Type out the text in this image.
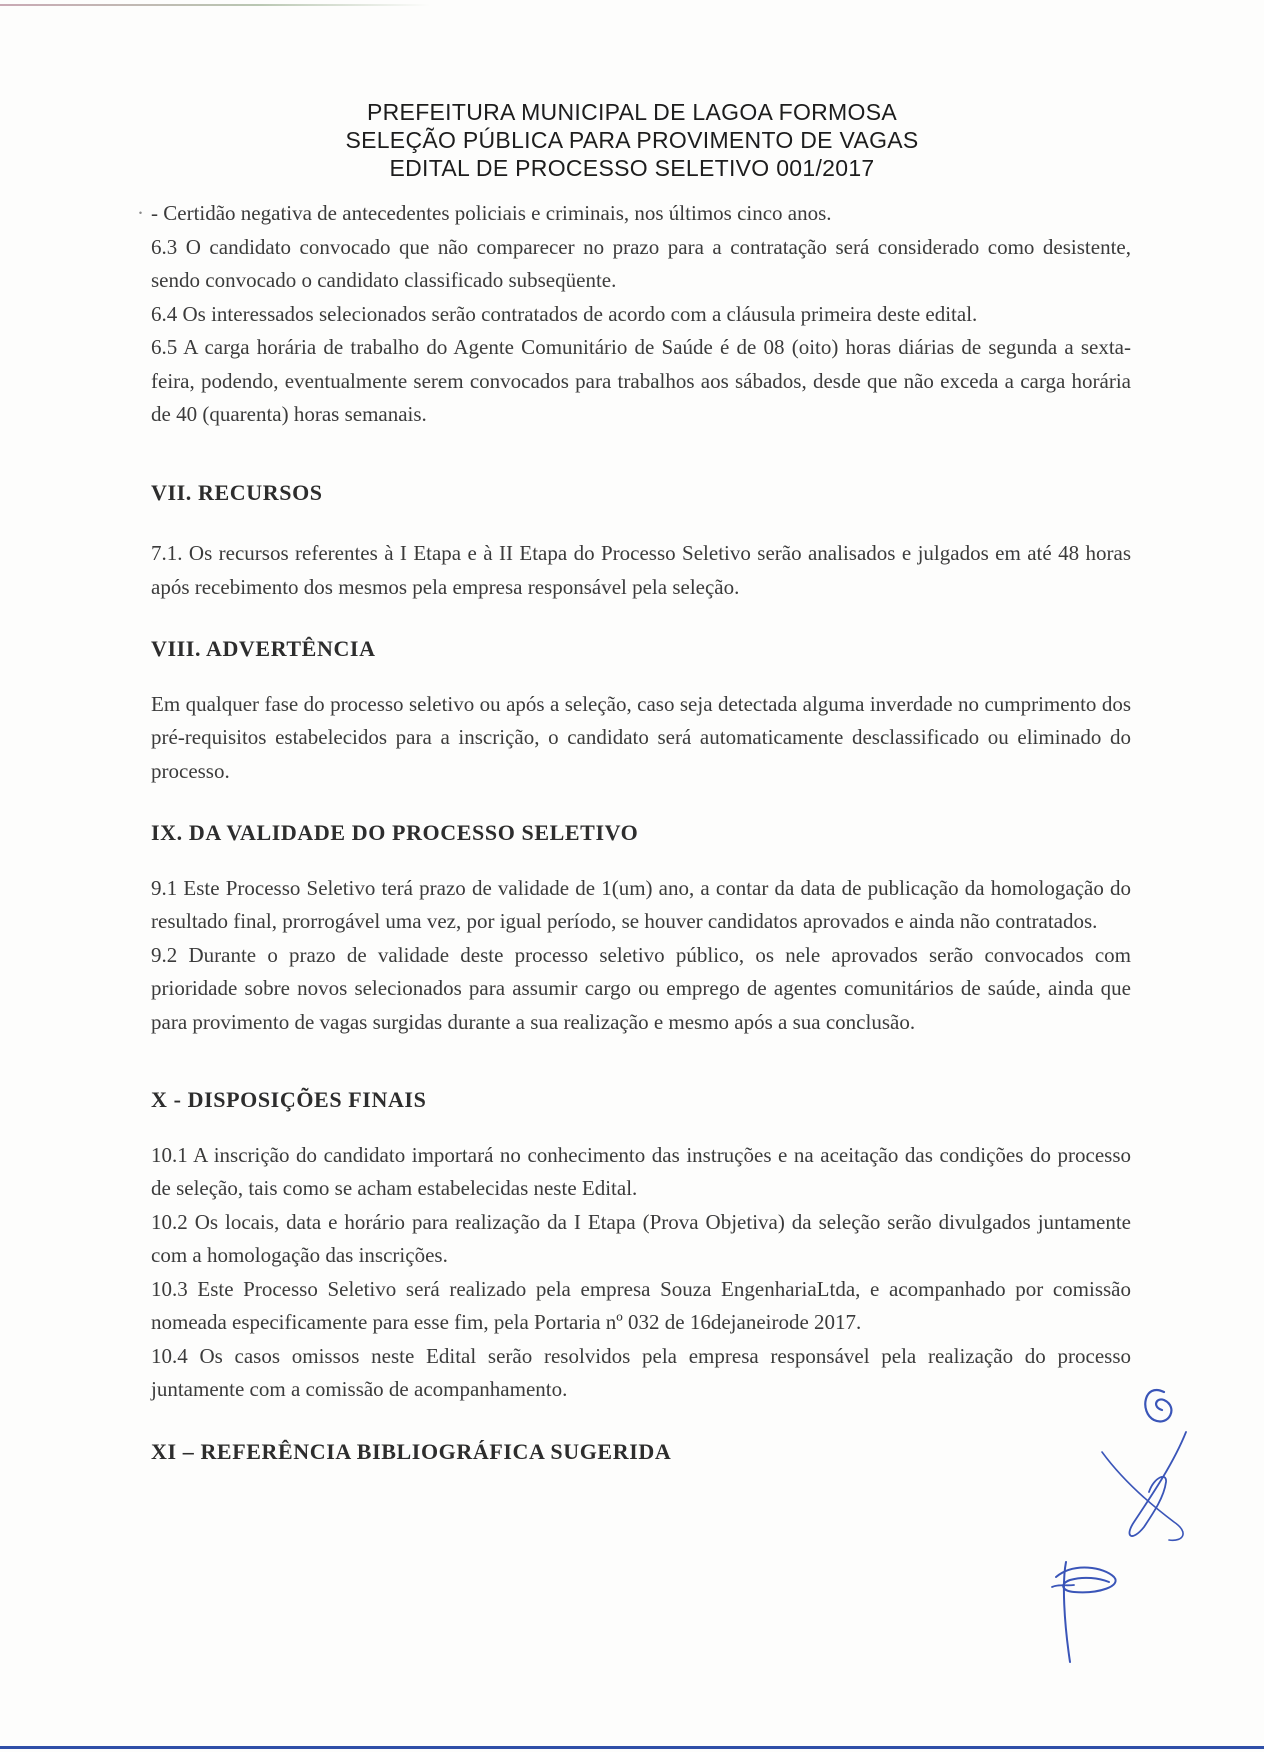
PREFEITURA MUNICIPAL DE LAGOA FORMOSA
SELEÇÃO PÚBLICA PARA PROVIMENTO DE VAGAS
EDITAL DE PROCESSO SELETIVO 001/2017
· - Certidão negativa de antecedentes policiais e criminais, nos últimos cinco anos.

6.3 O candidato convocado que não comparecer no prazo para a contratação será considerado como desistente, sendo convocado o candidato classificado subseqüente.

6.4 Os interessados selecionados serão contratados de acordo com a cláusula primeira deste edital.

6.5 A carga horária de trabalho do Agente Comunitário de Saúde é de 08 (oito) horas diárias de segunda a sexta-feira, podendo, eventualmente serem convocados para trabalhos aos sábados, desde que não exceda a carga horária de 40 (quarenta) horas semanais.

VII. RECURSOS

7.1. Os recursos referentes à I Etapa e à II Etapa do Processo Seletivo serão analisados e julgados em até 48 horas após recebimento dos mesmos pela empresa responsável pela seleção.

VIII. ADVERTÊNCIA

Em qualquer fase do processo seletivo ou após a seleção, caso seja detectada alguma inverdade no cumprimento dos pré-requisitos estabelecidos para a inscrição, o candidato será automaticamente desclassificado ou eliminado do processo.

IX. DA VALIDADE DO PROCESSO SELETIVO

9.1 Este Processo Seletivo terá prazo de validade de 1(um) ano, a contar da data de publicação da homologação do resultado final, prorrogável uma vez, por igual período, se houver candidatos aprovados e ainda não contratados.

9.2 Durante o prazo de validade deste processo seletivo público, os nele aprovados serão convocados com prioridade sobre novos selecionados para assumir cargo ou emprego de agentes comunitários de saúde, ainda que para provimento de vagas surgidas durante a sua realização e mesmo após a sua conclusão.

X - DISPOSIÇÕES FINAIS

10.1 A inscrição do candidato importará no conhecimento das instruções e na aceitação das condições do processo de seleção, tais como se acham estabelecidas neste Edital.

10.2 Os locais, data e horário para realização da I Etapa (Prova Objetiva) da seleção serão divulgados juntamente com a homologação das inscrições.

10.3 Este Processo Seletivo será realizado pela empresa Souza EngenhariaLtda, e acompanhado por comissão nomeada especificamente para esse fim, pela Portaria nº 032 de 16dejaneirode 2017.

10.4 Os casos omissos neste Edital serão resolvidos pela empresa responsável pela realização do processo juntamente com a comissão de acompanhamento.

XI – REFERÊNCIA BIBLIOGRÁFICA SUGERIDA
